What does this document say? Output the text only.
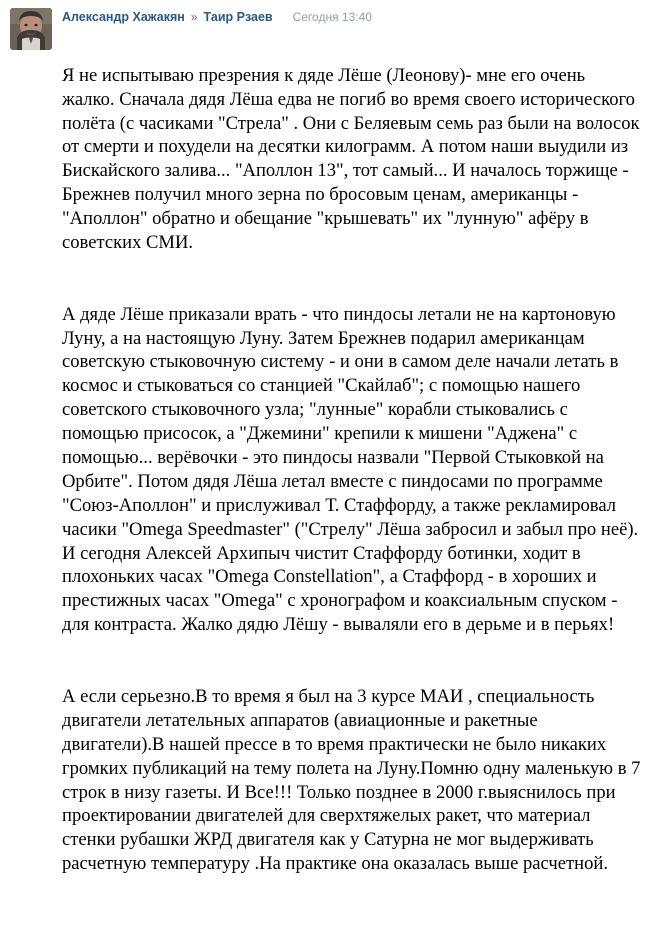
Александр Хажакян » Таир Рзаев Сегодня 13:40

Я не испытываю презрения к дяде Лёше (Леонову)- мне его очень жалко. Сначала дядя Лёша едва не погиб во время своего исторического полёта (с часиками "Стрела" . Они с Беляевым семь раз были на волосок от смерти и похудели на десятки килограмм. А потом наши выудили из Бискайского залива... "Аполлон 13", тот самый... И началось торжище - Брежнев получил много зерна по бросовым ценам, американцы - "Аполлон" обратно и обещание "крышевать" их "лунную" афёру в советских СМИ.

А дяде Лёше приказали врать - что пиндосы летали не на картоновую Луну, а на настоящую Луну. Затем Брежнев подарил американцам советскую стыковочную систему - и они в самом деле начали летать в космос и стыковаться со станцией "Скайлаб"; с помощью нашего советского стыковочного узла; "лунные" корабли стыковались с помощью присосок, а "Джемини" крепили к мишени "Аджена" с помощью... верёвочки - это пиндосы назвали "Первой Стыковкой на Орбите". Потом дядя Лёша летал вместе с пиндосами по программе "Союз-Аполлон" и прислуживал Т. Стаффорду, а также рекламировал часики "Omega Speedmaster" ("Стрелу" Лёша забросил и забыл про неё). И сегодня Алексей Архипыч чистит Стаффорду ботинки, ходит в плохоньких часах "Omega Constellation", а Стаффорд - в хороших и престижных часах "Omega" с хронографом и коаксиальным спуском - для контраста. Жалко дядю Лёшу - вываляли его в дерьме и в перьях!

А если серьезно.В то время я был на 3 курсе МАИ , специальность двигатели летательных аппаратов (авиационные и ракетные двигатели).В нашей прессе в то время практически не было никаких громких публикаций на тему полета на Луну.Помню одну маленькую в 7 строк в низу газеты. И Все!!! Только позднее в 2000 г.выяснилось при проектировании двигателей для сверхтяжелых ракет, что материал стенки рубашки ЖРД двигателя как у Сатурна не мог выдерживать расчетную температуру .На практике она оказалась выше расчетной.
